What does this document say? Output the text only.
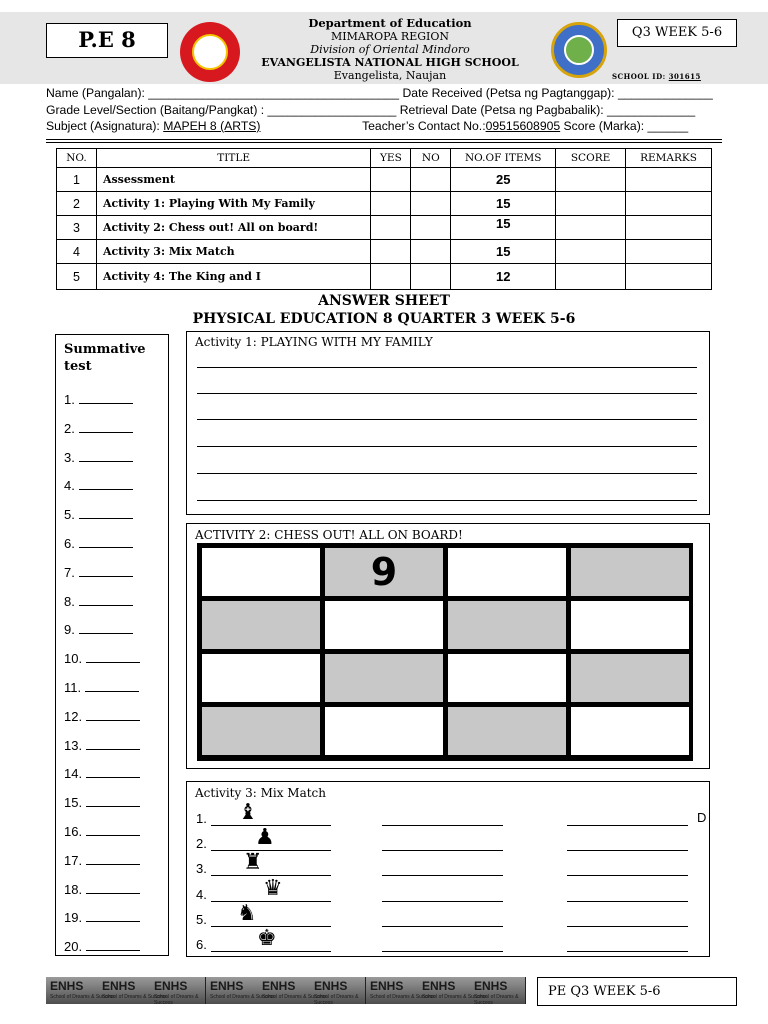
P.E 8
Department of Education
MIMAROPA REGION
Division of Oriental Mindoro
EVANGELISTA NATIONAL HIGH SCHOOL
Evangelista, Naujan
Q3 WEEK 5-6
SCHOOL ID: 301615
Name (Pangalan): _____________________________________ Date Received (Petsa ng Pagtanggap): ______________
Grade Level/Section (Baitang/Pangkat) : ___________________ Retrieval Date (Petsa ng Pagbabalik): _____________
Subject (Asignatura): MAPEH 8 (ARTS)	Teacher’s Contact No.:09515608905 Score (Marka): ______
NO.	TITLE	YES	NO	NO.OF ITEMS	SCORE	REMARKS
1	Assessment			25		
2	Activity 1: Playing With My Family			15		
3	Activity 2: Chess out! All on board!			15		
4	Activity 3: Mix Match			15		
5	Activity 4: The King and I			12		
ANSWER SHEET
PHYSICAL EDUCATION 8 QUARTER 3 WEEK 5-6
Summative
test
1.
2.
3.
4.
5.
6.
7.
8.
9.
10.
11.
12.
13.
14.
15.
16.
17.
18.
19.
20.
Activity 1: PLAYING WITH MY FAMILY
ACTIVITY 2: CHESS OUT! ALL ON BOARD!
9
Activity 3: Mix Match
D
1. ♝
2. ♟
3. ♜
4.	♛
5. ♞
6. ♚
ENHS
School of Dreams & Success
ENHS
School of Dreams & Success
ENHS
School of Dreams & Success
ENHS
School of Dreams & Success
ENHS
School of Dreams & Success
ENHS
School of Dreams & Success
ENHS
School of Dreams & Success
ENHS
School of Dreams & Success
ENHS
School of Dreams & Success
PE Q3 WEEK 5-6
